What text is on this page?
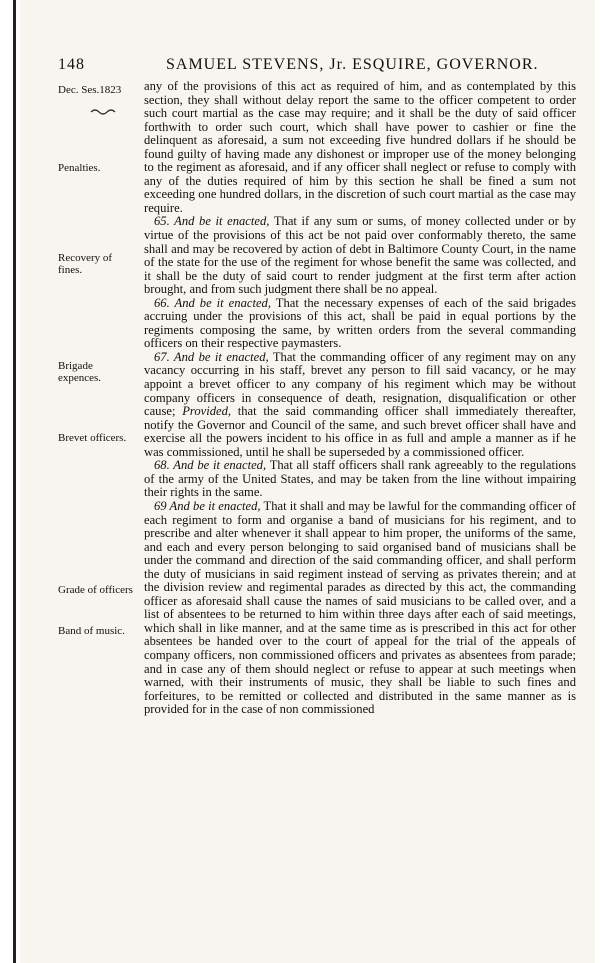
148	SAMUEL STEVENS, Jr. ESQUIRE, GOVERNOR.
Dec. Ses.1823
Penalties.
Recovery of fines.
Brigade expences.
Brevet officers.
Grade of officers
Band of music.

any of the provisions of this act as required of him, and as contemplated by this section, they shall without delay report the same to the officer competent to order such court martial as the case may require; and it shall be the duty of said officer forthwith to order such court, which shall have power to cashier or fine the delinquent as aforesaid, a sum not exceeding five hundred dollars if he should be found guilty of having made any dishonest or improper use of the money belonging to the regiment as aforesaid, and if any officer shall neglect or refuse to comply with any of the duties required of him by this section he shall be fined a sum not exceeding one hundred dollars, in the discretion of such court martial as the case may require.

65. And be it enacted, That if any sum or sums, of money collected under or by virtue of the provisions of this act be not paid over conformably thereto, the same shall and may be recovered by action of debt in Baltimore County Court, in the name of the state for the use of the regiment for whose benefit the same was collected, and it shall be the duty of said court to render judgment at the first term after action brought, and from such judgment there shall be no appeal.

66. And be it enacted, That the necessary expenses of each of the said brigades accruing under the provisions of this act, shall be paid in equal portions by the regiments composing the same, by written orders from the several commanding officers on their respective paymasters.

67. And be it enacted, That the commanding officer of any regiment may on any vacancy occurring in his staff, brevet any person to fill said vacancy, or he may appoint a brevet officer to any company of his regiment which may be without company officers in consequence of death, resignation, disqualification or other cause; Provided, that the said commanding officer shall immediately thereafter, notify the Governor and Council of the same, and such brevet officer shall have and exercise all the powers incident to his office in as full and ample a manner as if he was commissioned, until he shall be superseded by a commissioned officer.

68. And be it enacted, That all staff officers shall rank agreeably to the regulations of the army of the United States, and may be taken from the line without impairing their rights in the same.

69 And be it enacted, That it shall and may be lawful for the commanding officer of each regiment to form and organise a band of musicians for his regiment, and to prescribe and alter whenever it shall appear to him proper, the uniforms of the same, and each and every person belonging to said organised band of musicians shall be under the command and direction of the said commanding officer, and shall perform the duty of musicians in said regiment instead of serving as privates therein; and at the division review and regimental parades as directed by this act, the commanding officer as aforesaid shall cause the names of said musicians to be called over, and a list of absentees to be returned to him within three days after each of said meetings, which shall in like manner, and at the same time as is prescribed in this act for other absentees be handed over to the court of appeal for the trial of the appeals of company officers, non commissioned officers and privates as absentees from parade; and in case any of them should neglect or refuse to appear at such meetings when warned, with their instruments of music, they shall be liable to such fines and forfeitures, to be remitted or collected and distributed in the same manner as is provided for in the case of non commissioned
